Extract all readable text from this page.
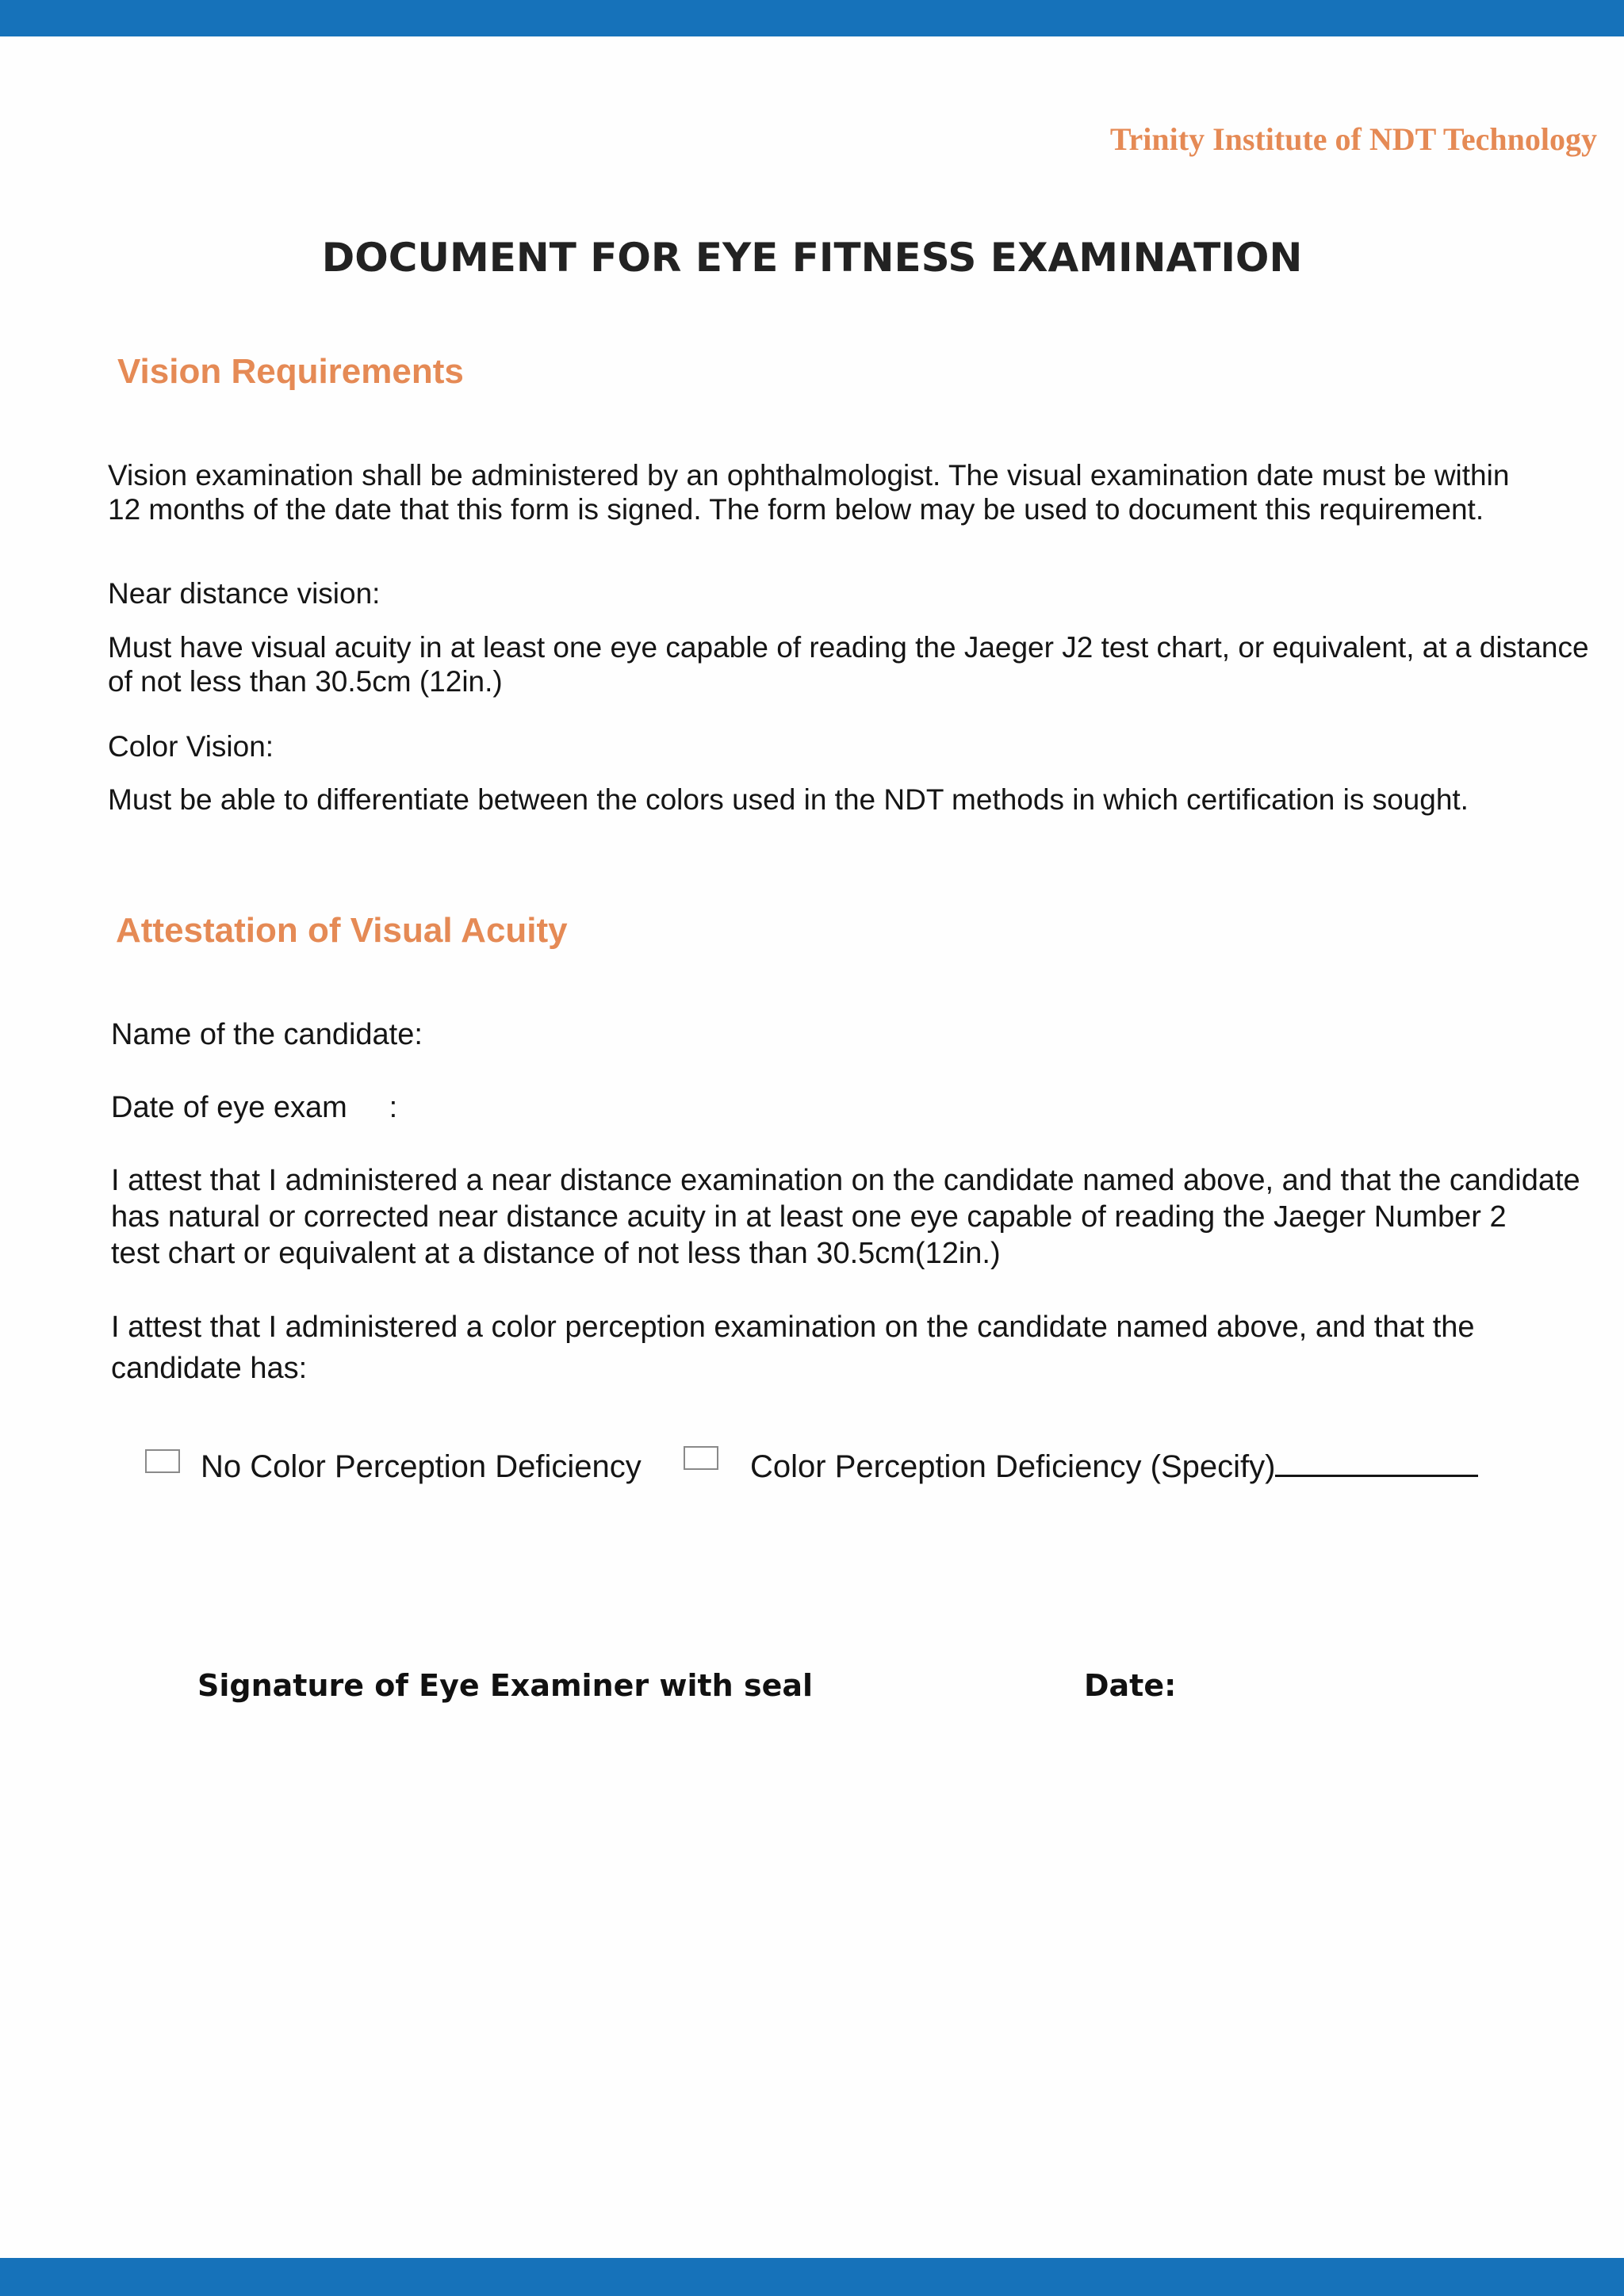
Trinity Institute of NDT Technology
DOCUMENT FOR EYE FITNESS EXAMINATION
Vision Requirements
Vision examination shall be administered by an ophthalmologist. The visual examination date must be within
12 months of the date that this form is signed. The form below may be used to document this requirement.
Near distance vision:
Must have visual acuity in at least one eye capable of reading the Jaeger J2 test chart, or equivalent, at a distance
of not less than 30.5cm (12in.)
Color Vision:
Must be able to differentiate between the colors used in the NDT methods in which certification is sought.
Attestation of Visual Acuity
Name of the candidate:
Date of eye exam     :
I attest that I administered a near distance examination on the candidate named above, and that the candidate
has natural or corrected near distance acuity in at least one eye capable of reading the Jaeger Number 2
test chart or equivalent at a distance of not less than 30.5cm(12in.)
I attest that I administered a color perception examination on the candidate named above, and that the
candidate has:
No Color Perception Deficiency	Color Perception Deficiency (Specify)
Signature of Eye Examiner with seal	Date:
